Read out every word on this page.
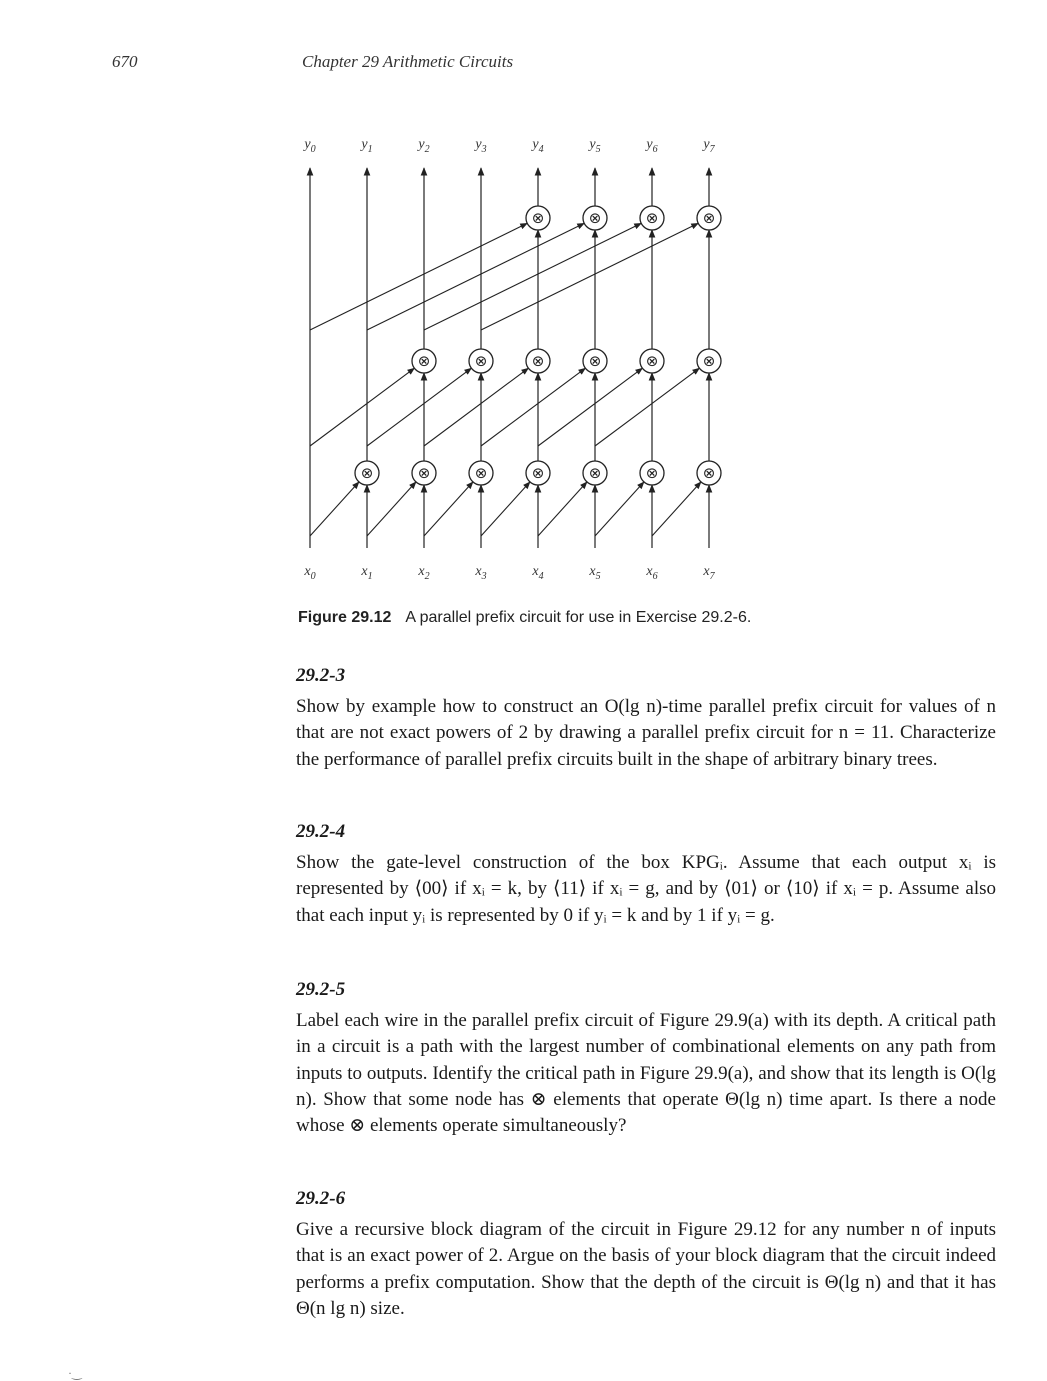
670	Chapter 29 Arithmetic Circuits
⊗	⊗	⊗	⊗	⊗	⊗	⊗
⊗	⊗	⊗	⊗	⊗	⊗
⊗	⊗	⊗	⊗
$y_0$	$y_1$	$y_2$	$y_3$	$y_4$	$y_5$	$y_6$	$y_7$
$x_0$	$x_1$	$x_2$	$x_3$	$x_4$	$x_5$	$x_6$	$x_7$
Figure 29.12 A parallel prefix circuit for use in Exercise 29.2-6.
29.2-3

Show by example how to construct an O(lg n)-time parallel prefix circuit for values of n that are not exact powers of 2 by drawing a parallel prefix circuit for n = 11. Characterize the performance of parallel prefix circuits built in the shape of arbitrary binary trees.

29.2-4

Show the gate-level construction of the box KPGᵢ. Assume that each output xᵢ is represented by ⟨00⟩ if xᵢ = k, by ⟨11⟩ if xᵢ = g, and by ⟨01⟩ or ⟨10⟩ if xᵢ = p. Assume also that each input yᵢ is represented by 0 if yᵢ = k and by 1 if yᵢ = g.

29.2-5

Label each wire in the parallel prefix circuit of Figure 29.9(a) with its depth. A critical path in a circuit is a path with the largest number of combinational elements on any path from inputs to outputs. Identify the critical path in Figure 29.9(a), and show that its length is O(lg n). Show that some node has ⊗ elements that operate Θ(lg n) time apart. Is there a node whose ⊗ elements operate simultaneously?

29.2-6

Give a recursive block diagram of the circuit in Figure 29.12 for any number n of inputs that is an exact power of 2. Argue on the basis of your block diagram that the circuit indeed performs a prefix computation. Show that the depth of the circuit is Θ(lg n) and that it has Θ(n lg n) size.

·‿
